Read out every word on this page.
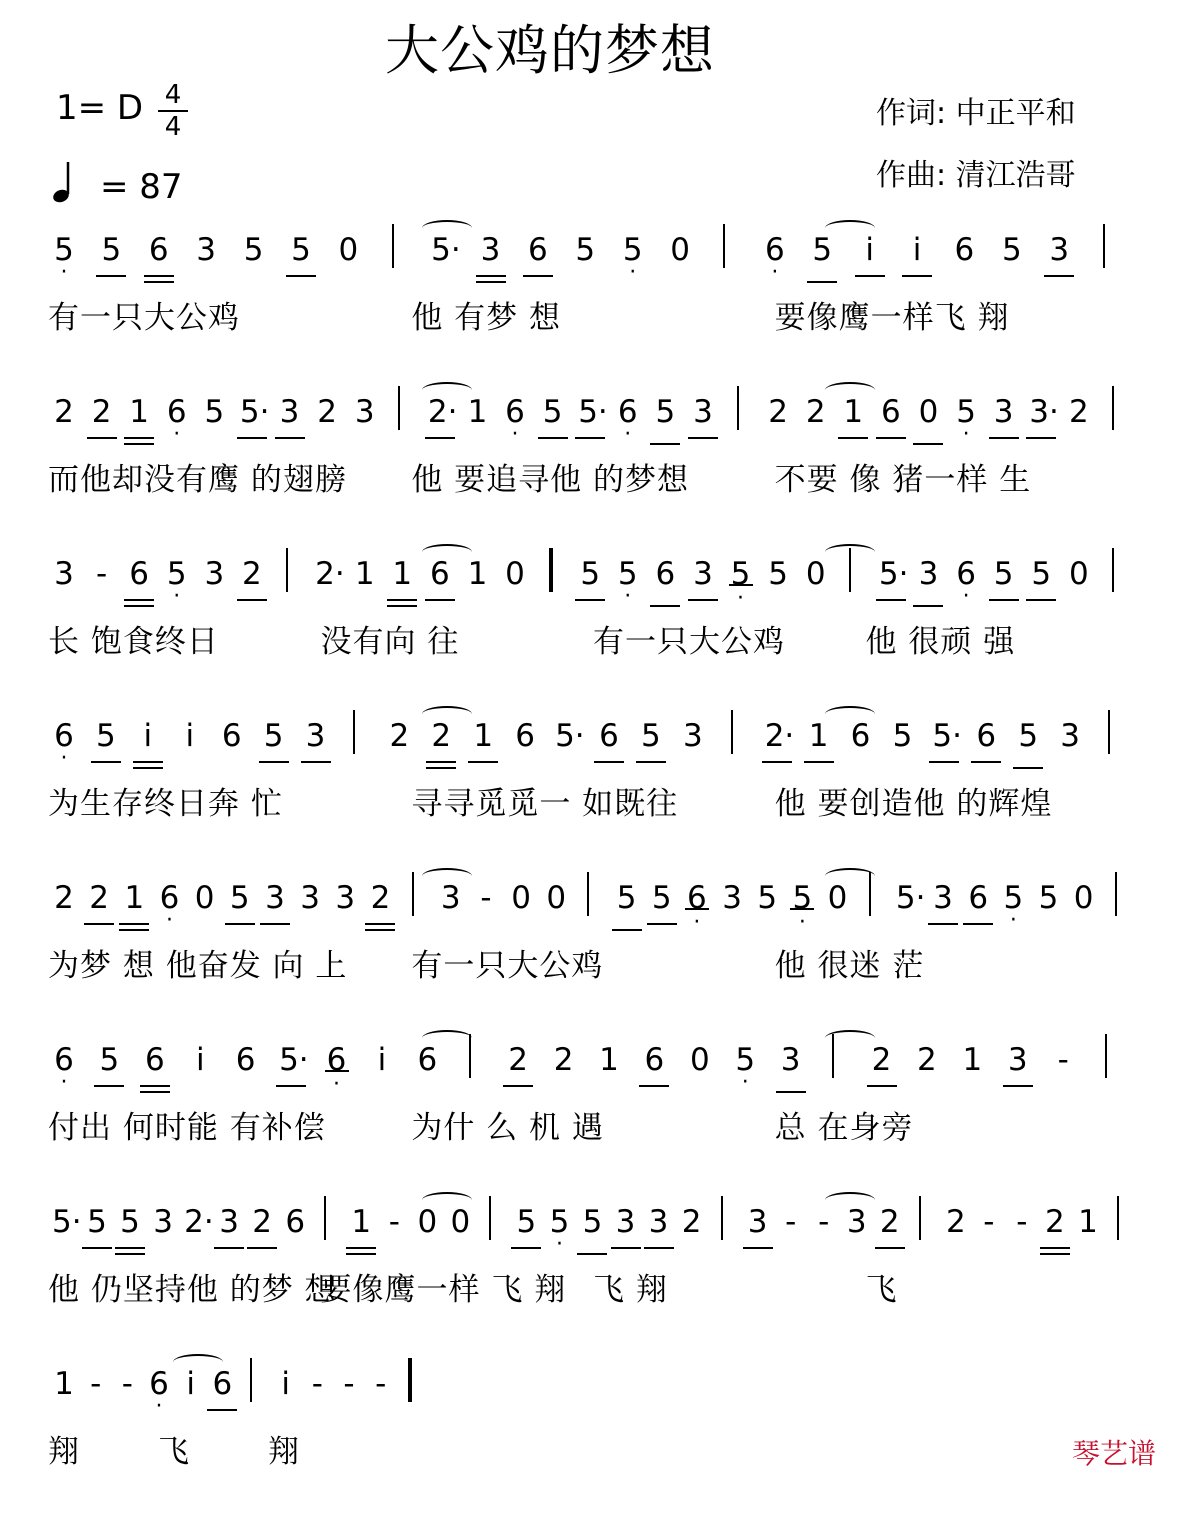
大公鸡的梦想
1= D 4
4
= 87
作词: 中正平和
作曲: 清江浩哥
5 · 5 6 3 5 5 0 5· 3 6 5 5 · 0 6 · 5 i i 6 5 3
有一只大公鸡	他 有梦 想	要像鹰一样飞 翔
2 2 1 6 · 5 5· 3 2 3 2· 1 6 · 5 5· 6 · 5 3 2 2 1 6 0 5 · 3 3· 2
而他却没有鹰 的翅膀 他 要追寻他 的梦想	不要 像 猪一样 生
3 - 6 5 · 3 2 2· 1 1 6 1 0 5 5 · 6 3 5 · 5 0 5· 3 6 · 5 5 0
长 饱食终日	没有向 往	有一只大公鸡	他 很顽 强
6 · 5 i i 6 5 3 2 2 1 6 5· 6 5 3 2· 1 6 5 5· 6 5 3
为生存终日奔 忙	寻寻觅觅一 如既往	他 要创造他 的辉煌
2 2 1 6 · 0 5 3 3 3 2 3 - 0 0 5 5 6 · 3 5 5 · 0 5· 3 6 5 · 5 0
为梦 想 他奋发 向 上 有一只大公鸡	他 很迷 茫
6 · 5 6 i 6 5· 6 · i 6 2 2 1 6 0 5 · 3 2 2 1 3 -
付出 何时能 有补偿	为什 么 机 遇	总 在身旁
5· 5 5 3 2· 3 2 6 1 - 0 0 5 5 · 5 3 3 2 3 - - 3 2 2 - - 2 1
他 仍坚持他 的梦 想
要像鹰一样 飞 翔 飞 翔	飞
1 - - 6 · i 6 i - - -
翔	飞	翔	琴艺谱
